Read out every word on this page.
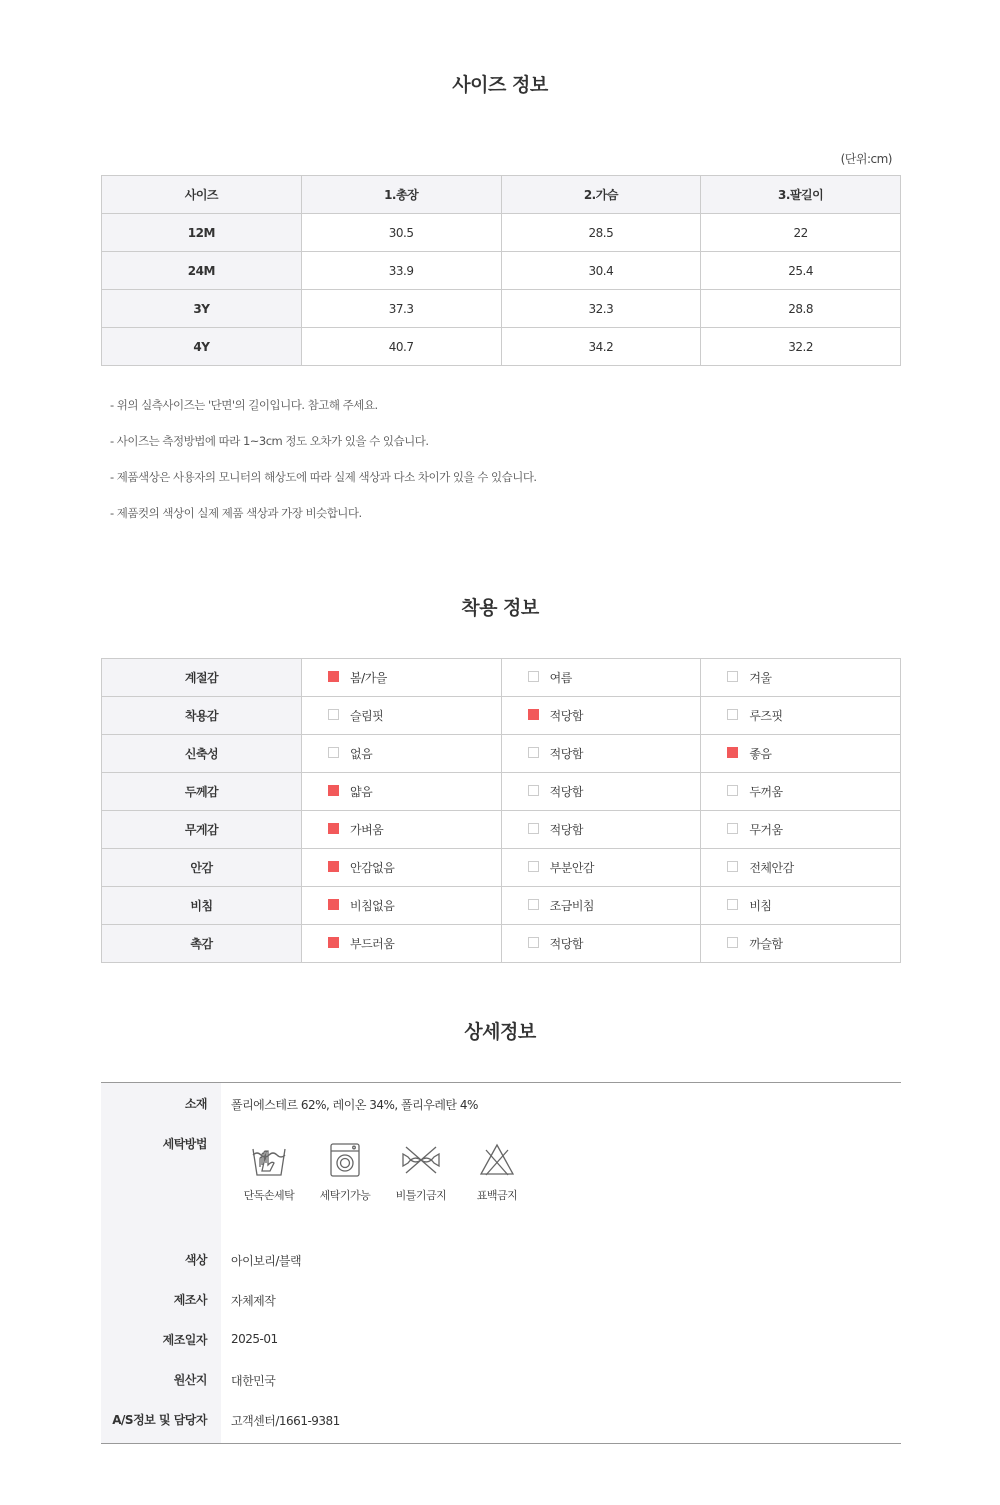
사이즈 정보
(단위:cm)
사이즈	1.총장	2.가슴	3.팔길이
12M	30.5	28.5	22
24M	33.9	30.4	25.4
3Y	37.3	32.3	28.8
4Y	40.7	34.2	32.2
- 위의 실측사이즈는 '단면'의 길이입니다. 참고해 주세요.
- 사이즈는 측정방법에 따라 1~3cm 정도 오차가 있을 수 있습니다.
- 제품색상은 사용자의 모니터의 해상도에 따라 실제 색상과 다소 차이가 있을 수 있습니다.
- 제품컷의 색상이 실제 제품 색상과 가장 비슷합니다.
착용 정보
계절감	봄/가을	여름	겨울
착용감	슬림핏	적당함	루즈핏
신축성	없음	적당함	좋음
두께감	얇음	적당함	두꺼움
무게감	가벼움	적당함	무거움
안감	안감없음	부분안감	전체안감
비침	비침없음	조금비침	비침
촉감	부드러움	적당함	까슬함
상세정보
소재	폴리에스테르 62%, 레이온 34%, 폴리우레탄 4%
세탁방법
단독손세탁	세탁기가능	비틀기금지	표백금지
색상	아이보리/블랙
제조사	자체제작
제조일자	2025-01
원산지	대한민국
A/S정보 및 담당자	고객센터/1661-9381
